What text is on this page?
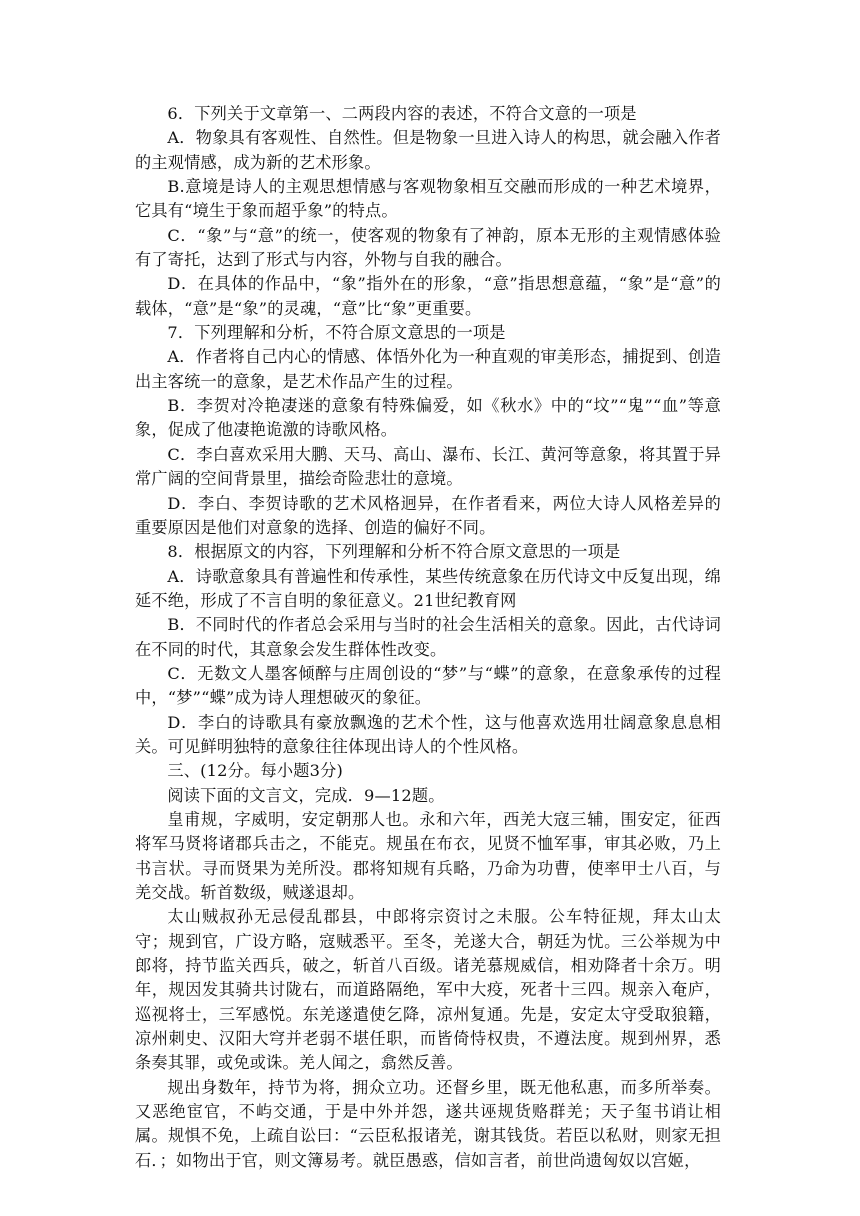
6．下列关于文章第一、二两段内容的表述，不符合文意的一项是

A．物象具有客观性、自然性。但是物象一旦进入诗人的构思，就会融入作者的主观情感，成为新的艺术形象。

B.意境是诗人的主观思想情感与客观物象相互交融而形成的一种艺术境界，它具有“境生于象而超乎象”的特点。

C．“象”与“意”的统一，使客观的物象有了神韵，原本无形的主观情感体验有了寄托，达到了形式与内容，外物与自我的融合。

D．在具体的作品中，“象”指外在的形象，“意”指思想意蕴，“象”是“意”的载体，“意”是“象”的灵魂，“意”比“象”更重要。

7．下列理解和分析，不符合原文意思的一项是

A．作者将自己内心的情感、体悟外化为一种直观的审美形态，捕捉到、创造出主客统一的意象，是艺术作品产生的过程。

B．李贺对冷艳凄迷的意象有特殊偏爱，如《秋水》中的“坟”“鬼”“血”等意象，促成了他凄艳诡激的诗歌风格。

C．李白喜欢采用大鹏、天马、高山、瀑布、长江、黄河等意象，将其置于异常广阔的空间背景里，描绘奇险悲壮的意境。

D．李白、李贺诗歌的艺术风格迥异，在作者看来，两位大诗人风格差异的重要原因是他们对意象的选择、创造的偏好不同。

8．根据原文的内容，下列理解和分析不符合原文意思的一项是

A．诗歌意象具有普遍性和传承性，某些传统意象在历代诗文中反复出现，绵延不绝，形成了不言自明的象征意义。21世纪教育网

B．不同时代的作者总会采用与当时的社会生活相关的意象。因此，古代诗词在不同的时代，其意象会发生群体性改变。

C．无数文人墨客倾醉与庄周创设的“梦”与“蝶”的意象，在意象承传的过程中，“梦”“蝶”成为诗人理想破灭的象征。

D．李白的诗歌具有豪放飘逸的艺术个性，这与他喜欢选用壮阔意象息息相关。可见鲜明独特的意象往往体现出诗人的个性风格。

三、(12分。每小题3分)

阅读下面的文言文，完成．9—12题。

皇甫规，字威明，安定朝那人也。永和六年，西羌大寇三辅，围安定，征西将军马贤将诸郡兵击之，不能克。规虽在布衣，见贤不恤军事，审其必败，乃上书言状。寻而贤果为羌所没。郡将知规有兵略，乃命为功曹，使率甲士八百，与羌交战。斩首数级，贼遂退却。

太山贼叔孙无忌侵乱郡县，中郎将宗资讨之未服。公车特征规，拜太山太守；规到官，广设方略，寇贼悉平。至冬，羌遂大合，朝廷为忧。三公举规为中郎将，持节监关西兵，破之，斩首八百级。诸羌慕规威信，相劝降者十余万。明年，规因发其骑共讨陇右，而道路隔绝，军中大疫，死者十三四。规亲入奄庐，巡视将士，三军感悦。东羌遂遣使乞降，凉州复通。先是，安定太守受取狼籍，凉州刺史、汉阳大穹并老弱不堪任职，而皆倚恃权贵，不遵法度。规到州界，悉条奏其罪，或免或诛。羌人闻之，翕然反善。

规出身数年，持节为将，拥众立功。还督乡里，既无他私惠，而多所举奏。又恶绝宦官，不屿交通，于是中外并怨，遂共诬规货赂群羌；天子玺书诮让相属。规惧不免，上疏自讼曰：“云臣私报诸羌，谢其钱货。若臣以私财，则家无担石．；如物出于官，则文簿易考。就臣愚惑，信如言者，前世尚遗匈奴以宫姬，
